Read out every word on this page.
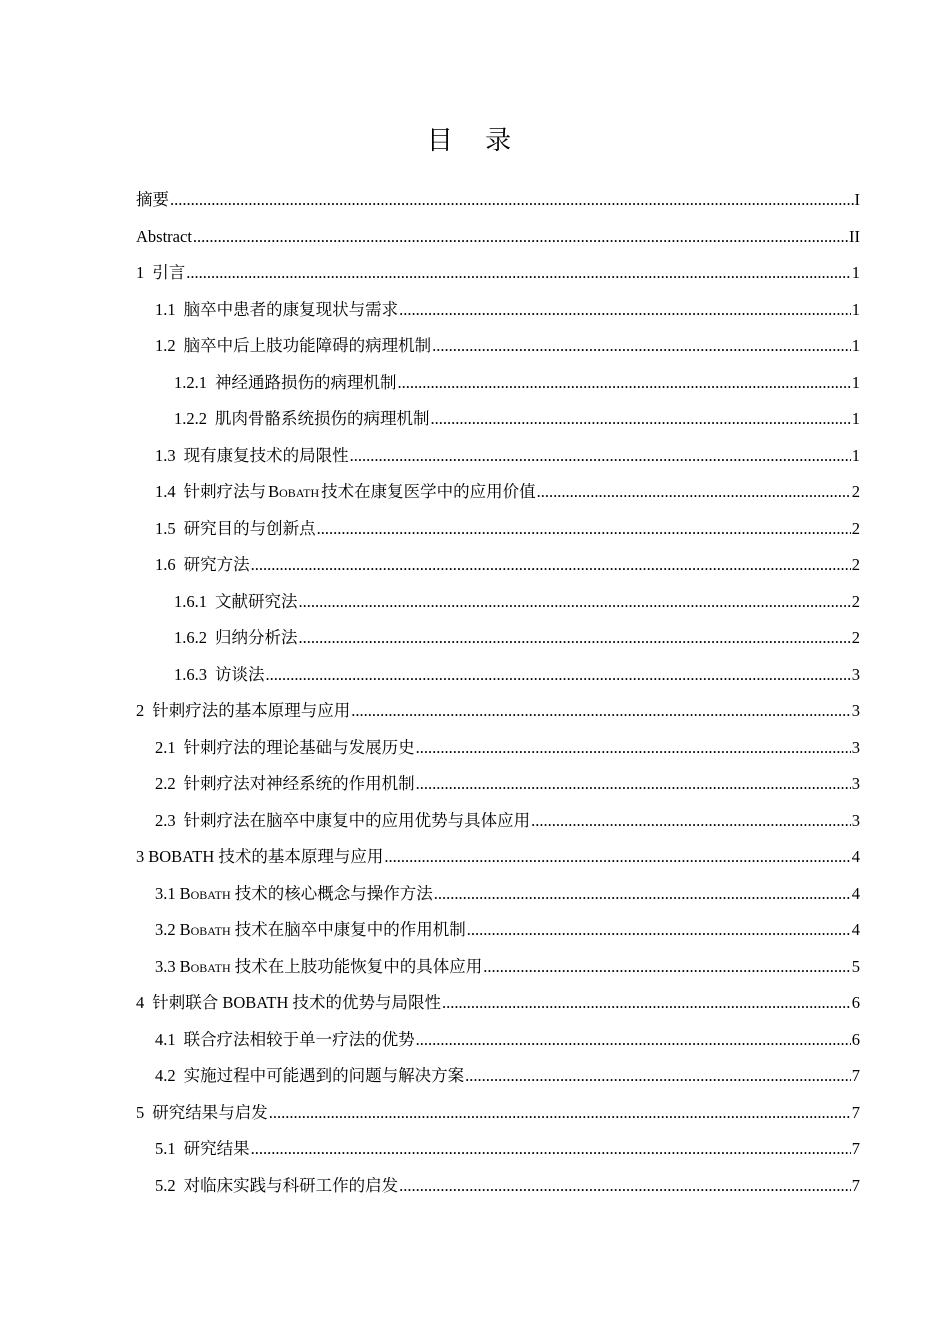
目 录
摘要 .....	I
Abstract .....	II
1 引言 .....	1
1.1 脑卒中患者的康复现状与需求 .....	1
1.2 脑卒中后上肢功能障碍的病理机制 .....	1
1.2.1 神经通路损伤的病理机制 .....	1
1.2.2 肌肉骨骼系统损伤的病理机制 .....	1
1.3 现有康复技术的局限性 .....	1
1.4 针刺疗法与 Bobath 技术在康复医学中的应用价值 .....	2
1.5 研究目的与创新点 .....	2
1.6 研究方法 .....	2
1.6.1 文献研究法 .....	2
1.6.2 归纳分析法 .....	2
1.6.3 访谈法 .....	3
2 针刺疗法的基本原理与应用 .....	3
2.1 针刺疗法的理论基础与发展历史 .....	3
2.2 针刺疗法对神经系统的作用机制 .....	3
2.3 针刺疗法在脑卒中康复中的应用优势与具体应用 .....	3
3 BOBATH 技术的基本原理与应用 .....	4
3.1 Bobath 技术的核心概念与操作方法 .....	4
3.2 Bobath 技术在脑卒中康复中的作用机制 .....	4
3.3 Bobath 技术在上肢功能恢复中的具体应用 .....	5
4 针刺联合 BOBATH 技术的优势与局限性 .....	6
4.1 联合疗法相较于单一疗法的优势 .....	6
4.2 实施过程中可能遇到的问题与解决方案 .....	7
5 研究结果与启发 .....	7
5.1 研究结果 .....	7
5.2 对临床实践与科研工作的启发 .....	7
